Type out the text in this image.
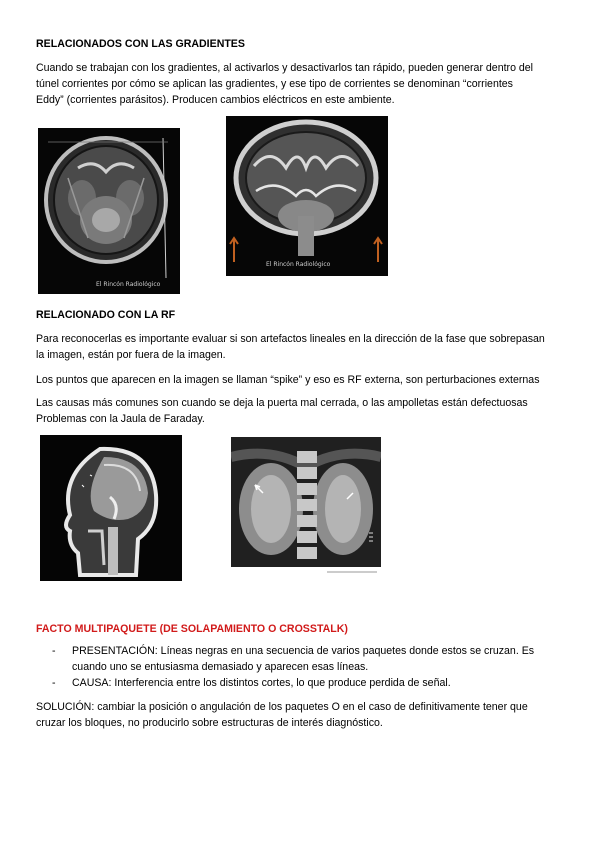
RELACIONADOS CON LAS GRADIENTES
Cuando se trabajan con los gradientes, al activarlos y desactivarlos tan rápido, pueden generar dentro del
túnel corrientes por cómo se aplican las gradientes, y ese tipo de corrientes se denominan “corrientes
Eddy” (corrientes parásitos). Producen cambios eléctricos en este ambiente.
El Rincón Radiológico
El Rincón Radiológico
RELACIONADO CON LA RF
Para reconocerlas es importante evaluar si son artefactos lineales en la dirección de la fase que sobrepasan
la imagen, están por fuera de la imagen.
Los puntos que aparecen en la imagen se llaman “spike” y eso es RF externa, son perturbaciones externas
Las causas más comunes son cuando se deja la puerta mal cerrada, o las ampolletas están defectuosas
Problemas con la Jaula de Faraday.
FACTO MULTIPAQUETE (DE SOLAPAMIENTO O CROSSTALK)
- PRESENTACIÓN: Líneas negras en una secuencia de varios paquetes donde estos se cruzan. Es
cuando uno se entusiasma demasiado y aparecen esas líneas.
- CAUSA: Interferencia entre los distintos cortes, lo que produce perdida de señal.
SOLUCIÓN: cambiar la posición o angulación de los paquetes O en el caso de definitivamente tener que
cruzar los bloques, no producirlo sobre estructuras de interés diagnóstico.
